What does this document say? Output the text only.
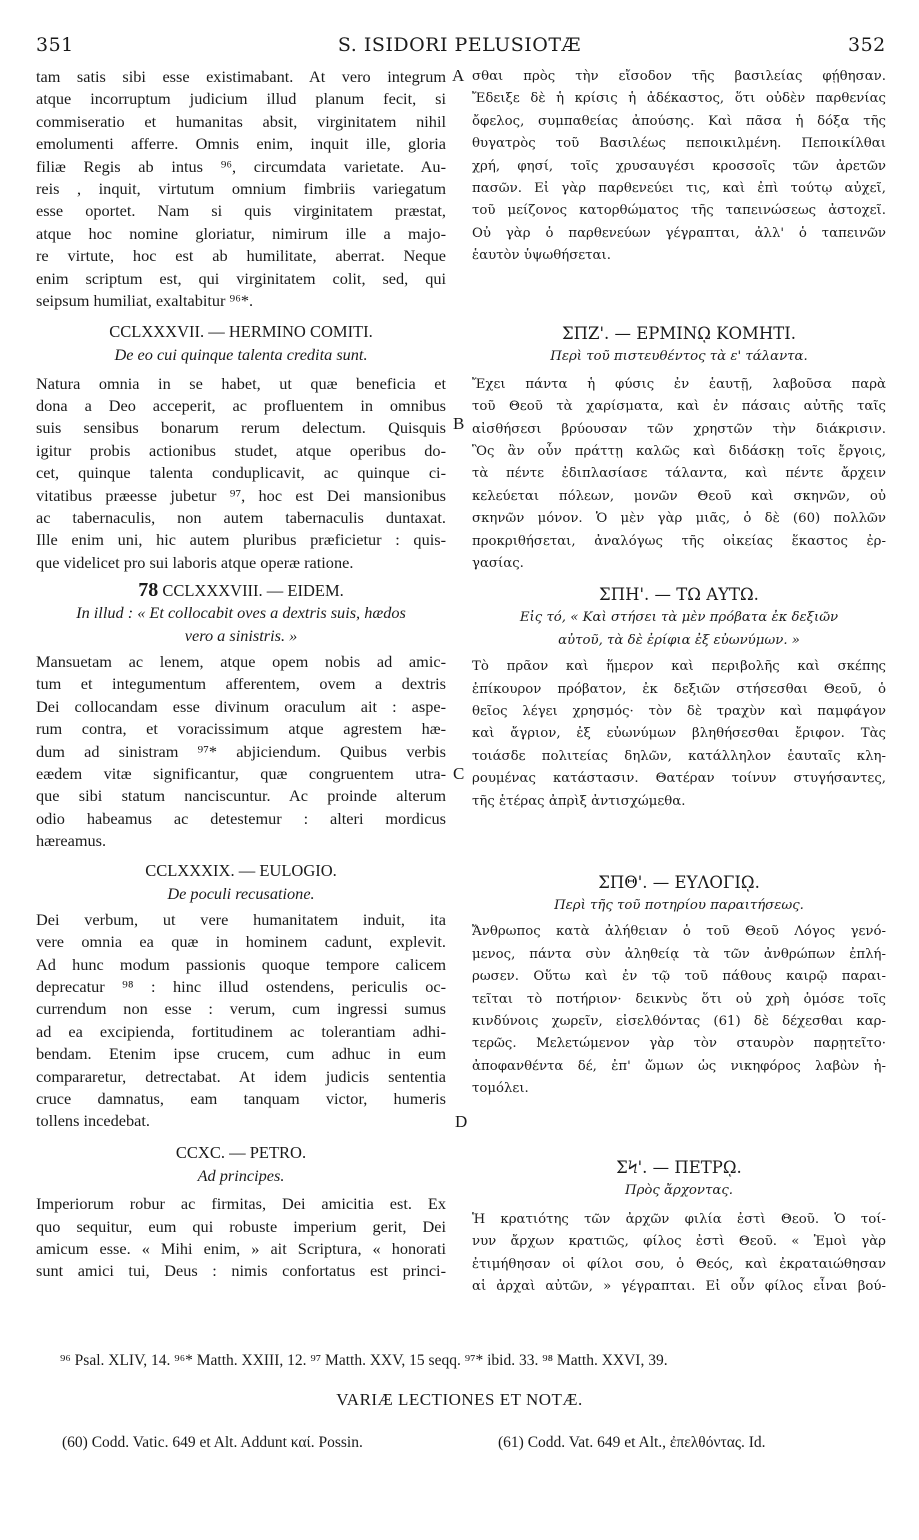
351	S. ISIDORI PELUSIOTÆ	352
A
B
C
D
tam satis sibi esse existimabant. At vero integrum
atque incorruptum judicium illud planum fecit, si
commiseratio et humanitas absit, virginitatem nihil
emolumenti afferre. Omnis enim, inquit ille, gloria
filiæ Regis ab intus ⁹⁶, circumdata varietate. Au-
reis , inquit, virtutum omnium fimbriis variegatum
esse oportet. Nam si quis virginitatem præstat,
atque hoc nomine gloriatur, nimirum ille a majo-
re virtute, hoc est ab humilitate, aberrat. Neque
enim scriptum est, qui virginitatem colit, sed, qui
seipsum humiliat, exaltabitur ⁹⁶*.
CCLXXXVII. — HERMINO COMITI.
De eo cui quinque talenta credita sunt.
Natura omnia in se habet, ut quæ beneficia et
dona a Deo acceperit, ac profluentem in omnibus
suis sensibus bonarum rerum delectum. Quisquis
igitur probis actionibus studet, atque operibus do-
cet, quinque talenta conduplicavit, ac quinque ci-
vitatibus præesse jubetur ⁹⁷, hoc est Dei mansionibus
ac tabernaculis, non autem tabernaculis duntaxat.
Ille enim uni, hic autem pluribus præficietur : quis-
que videlicet pro sui laboris atque operæ ratione.
78 CCLXXXVIII. — EIDEM.
In illud : « Et collocabit oves a dextris suis, hædos
vero a sinistris. »
Mansuetam ac lenem, atque opem nobis ad amic-
tum et integumentum afferentem, ovem a dextris
Dei collocandam esse divinum oraculum ait : aspe-
rum contra, et voracissimum atque agrestem hæ-
dum ad sinistram ⁹⁷* abjiciendum. Quibus verbis
eædem vitæ significantur, quæ congruentem utra-
que sibi statum nanciscuntur. Ac proinde alterum
odio habeamus ac detestemur : alteri mordicus
hæreamus.
CCLXXXIX. — EULOGIO.
De poculi recusatione.
Dei verbum, ut vere humanitatem induit, ita
vere omnia ea quæ in hominem cadunt, explevit.
Ad hunc modum passionis quoque tempore calicem
deprecatur ⁹⁸ : hinc illud ostendens, periculis oc-
currendum non esse : verum, cum ingressi sumus
ad ea excipienda, fortitudinem ac tolerantiam adhi-
bendam. Etenim ipse crucem, cum adhuc in eum
compararetur, detrectabat. At idem judicis sententia
cruce damnatus, eam tanquam victor, humeris
tollens incedebat.
CCXC. — PETRO.
Ad principes.
Imperiorum robur ac firmitas, Dei amicitia est. Ex
quo sequitur, eum qui robuste imperium gerit, Dei
amicum esse. « Mihi enim, » ait Scriptura, « honorati
sunt amici tui, Deus : nimis confortatus est princi-
σθαι πρὸς τὴν εἴσοδον τῆς βασιλείας φῄθησαν.
Ἔδειξε δὲ ἡ κρίσις ἡ ἀδέκαστος, ὅτι οὐδὲν παρθενίας
ὄφελος, συμπαθείας ἀπούσης. Καὶ πᾶσα ἡ δόξα τῆς
θυγατρὸς τοῦ Βασιλέως πεποικιλμένη. Πεποικίλθαι
χρή, φησί, τοῖς χρυσαυγέσι κροσσοῖς τῶν ἀρετῶν
πασῶν. Εἰ γὰρ παρθενεύει τις, καὶ ἐπὶ τούτῳ αὐχεῖ,
τοῦ μείζονος κατορθώματος τῆς ταπεινώσεως ἀστοχεῖ.
Οὐ γὰρ ὁ παρθενεύων γέγραπται, ἀλλ' ὁ ταπεινῶν
ἑαυτὸν ὑψωθήσεται.
ΣΠΖ'. — ΕΡΜΙΝῼ ΚΟΜΗΤΙ.
Περὶ τοῦ πιστευθέντος τὰ ε' τάλαντα.
Ἔχει πάντα ἡ φύσις ἐν ἑαυτῇ, λαβοῦσα παρὰ
τοῦ Θεοῦ τὰ χαρίσματα, καὶ ἐν πάσαις αὐτῆς ταῖς
αἰσθήσεσι βρύουσαν τῶν χρηστῶν τὴν διάκρισιν.
Ὃς ἂν οὖν πράττῃ καλῶς καὶ διδάσκῃ τοῖς ἔργοις,
τὰ πέντε ἐδιπλασίασε τάλαντα, καὶ πέντε ἄρχειν
κελεύεται πόλεων, μονῶν Θεοῦ καὶ σκηνῶν, οὐ
σκηνῶν μόνον. Ὁ μὲν γὰρ μιᾶς, ὁ δὲ (60) πολλῶν
προκριθήσεται, ἀναλόγως τῆς οἰκείας ἕκαστος ἐρ-
γασίας.
ΣΠΗ'. — ΤΩ ΑΥΤΩ.
Εἰς τό, « Καὶ στήσει τὰ μὲν πρόβατα ἐκ δεξιῶν
αὐτοῦ, τὰ δὲ ἐρίφια ἐξ εὐωνύμων. »
Τὸ πρᾶον καὶ ἥμερον καὶ περιβολῆς καὶ σκέπης
ἐπίκουρον πρόβατον, ἐκ δεξιῶν στήσεσθαι Θεοῦ, ὁ
θεῖος λέγει χρησμός· τὸν δὲ τραχὺν καὶ παμφάγον
καὶ ἄγριον, ἐξ εὐωνύμων βληθήσεσθαι ἔριφον. Τὰς
τοιάσδε πολιτείας δηλῶν, κατάλληλον ἑαυταῖς κλη-
ρουμένας κατάστασιν. Θατέραν τοίνυν στυγήσαντες,
τῆς ἑτέρας ἀπρὶξ ἀντισχώμεθα.
ΣΠΘ'. — ΕΥΛΟΓΙῼ.
Περὶ τῆς τοῦ ποτηρίου παραιτήσεως.
Ἄνθρωπος κατὰ ἀλήθειαν ὁ τοῦ Θεοῦ Λόγος γενό-
μενος, πάντα σὺν ἀληθείᾳ τὰ τῶν ἀνθρώπων ἐπλή-
ρωσεν. Οὕτω καὶ ἐν τῷ τοῦ πάθους καιρῷ παραι-
τεῖται τὸ ποτήριον· δεικνὺς ὅτι οὐ χρὴ ὁμόσε τοῖς
κινδύνοις χωρεῖν, εἰσελθόντας (61) δὲ δέχεσθαι καρ-
τερῶς. Μελετώμενον γὰρ τὸν σταυρὸν παρῃτεῖτο·
ἀποφανθέντα δέ, ἐπ' ὤμων ὡς νικηφόρος λαβὼν ἠ-
τομόλει.
ΣϞ'. — ΠΕΤΡῼ.
Πρὸς ἄρχοντας.
Ἡ κρατιότης τῶν ἀρχῶν φιλία ἐστὶ Θεοῦ. Ὁ τοί-
νυν ἄρχων κρατιῶς, φίλος ἐστὶ Θεοῦ. « Ἐμοὶ γὰρ
ἐτιμήθησαν οἱ φίλοι σου, ὁ Θεός, καὶ ἐκραταιώθησαν
αἱ ἀρχαὶ αὐτῶν, » γέγραπται. Εἰ οὖν φίλος εἶναι βού-
⁹⁶ Psal. XLIV, 14. ⁹⁶* Matth. XXIII, 12. ⁹⁷ Matth. XXV, 15 seqq. ⁹⁷* ibid. 33. ⁹⁸ Matth. XXVI, 39.
VARIÆ LECTIONES ET NOTÆ.
(60) Codd. Vatic. 649 et Alt. Addunt καί. Possin.	(61) Codd. Vat. 649 et Alt., ἐπελθόντας. Id.
